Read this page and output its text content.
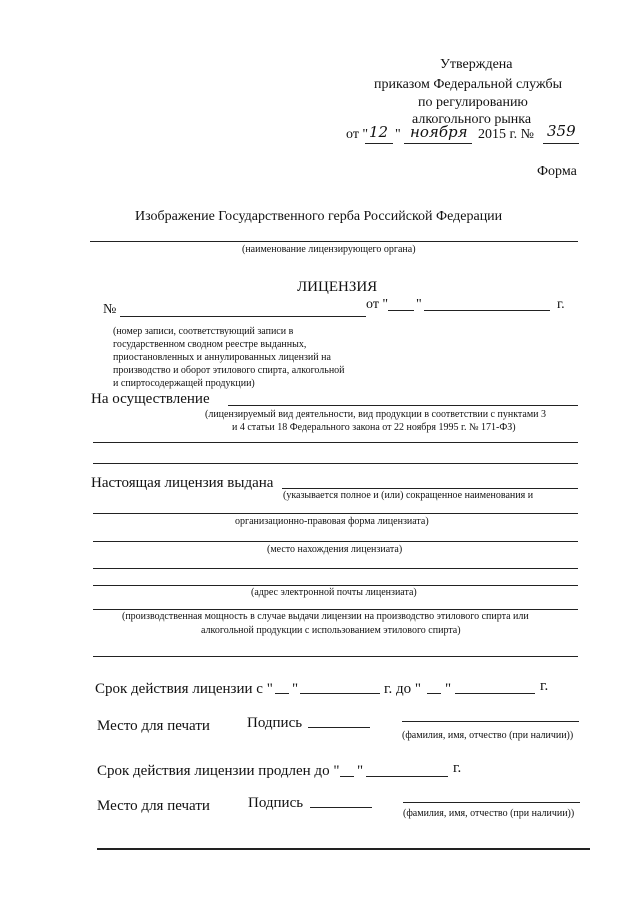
Утверждена
приказом Федеральной службы
по регулированию
алкогольного рынка
от " 12 " ноября 2015 г. № 359
Форма
Изображение Государственного герба Российской Федерации
(наименование лицензирующего органа)
ЛИЦЕНЗИЯ
№	от " "	г.
(номер записи, соответствующий записи в
государственном сводном реестре выданных,
приостановленных и аннулированных лицензий на
производство и оборот этилового спирта, алкогольной
и спиртосодержащей продукции)
На осуществление
(лицензируемый вид деятельности, вид продукции в соответствии с пунктами 3
и 4 статьи 18 Федерального закона от 22 ноября 1995 г. № 171-ФЗ)
Настоящая лицензия выдана
(указывается полное и (или) сокращенное наименования и
организационно-правовая форма лицензиата)
(место нахождения лицензиата)
(адрес электронной почты лицензиата)
(производственная мощность в случае выдачи лицензии на производство этилового спирта или
алкогольной продукции с использованием этилового спирта)
Срок действия лицензии с " "	г. до " "	г.
Место для печати Подпись
(фамилия, имя, отчество (при наличии))
Срок действия лицензии продлен до " "	г.
Место для печати	Подпись
(фамилия, имя, отчество (при наличии))
